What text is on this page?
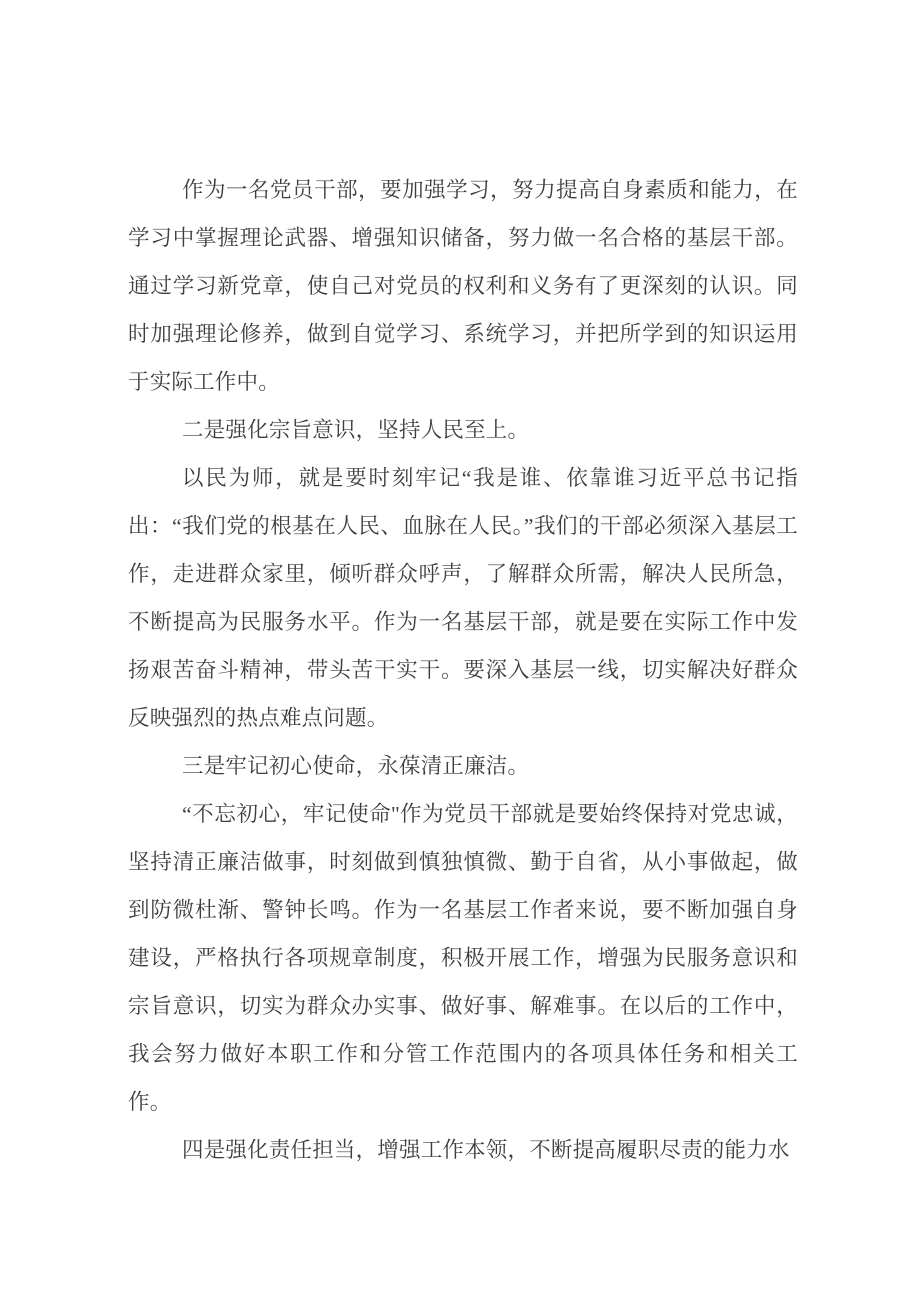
作为一名党员干部，要加强学习，努力提高自身素质和能力，在学习中掌握理论武器、增强知识储备，努力做一名合格的基层干部。通过学习新党章，使自己对党员的权利和义务有了更深刻的认识。同时加强理论修养，做到自觉学习、系统学习，并把所学到的知识运用于实际工作中。

二是强化宗旨意识，坚持人民至上。

以民为师，就是要时刻牢记“我是谁、依靠谁习近平总书记指出：“我们党的根基在人民、血脉在人民。”我们的干部必须深入基层工作，走进群众家里，倾听群众呼声，了解群众所需，解决人民所急，不断提高为民服务水平。作为一名基层干部，就是要在实际工作中发扬艰苦奋斗精神，带头苦干实干。要深入基层一线，切实解决好群众反映强烈的热点难点问题。

三是牢记初心使命，永葆清正廉洁。

“不忘初心，牢记使命''作为党员干部就是要始终保持对党忠诚，坚持清正廉洁做事，时刻做到慎独慎微、勤于自省，从小事做起，做到防微杜渐、警钟长鸣。作为一名基层工作者来说，要不断加强自身建设，严格执行各项规章制度，积极开展工作，增强为民服务意识和宗旨意识，切实为群众办实事、做好事、解难事。在以后的工作中，我会努力做好本职工作和分管工作范围内的各项具体任务和相关工作。

四是强化责任担当，增强工作本领，不断提高履职尽责的能力水
